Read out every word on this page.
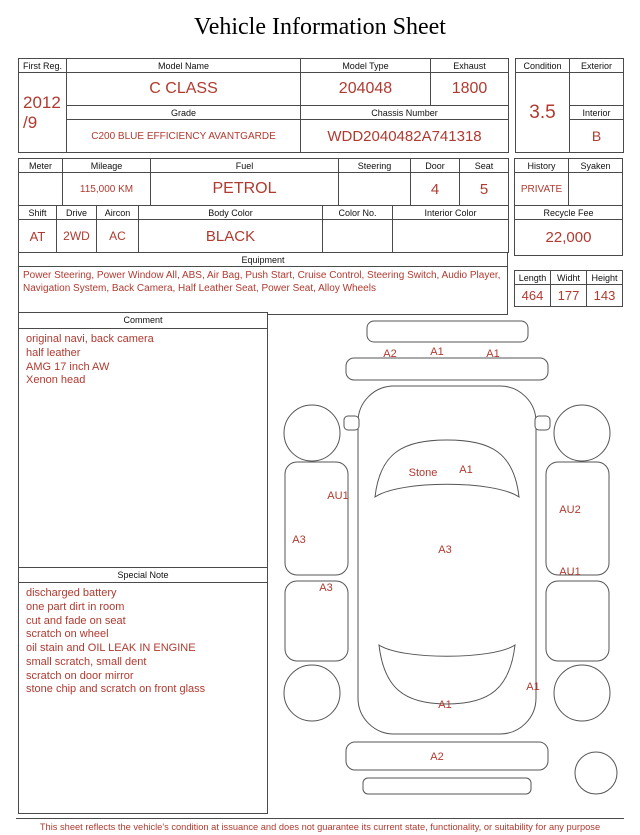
Vehicle Information Sheet
First Reg.	Model Name	Model Type	Exhaust

2012
/9	C CLASS	204048	1800
	Grade	Chassis Number	
	C200 BLUE EFFICIENCY AVANTGARDE	WDD2040482A741318	
Condition	Exterior
3.5	
	Interior
	B
Meter	Mileage	Fuel	Steering	Door	Seat
	115,000 KM	PETROL		4	5
Shift	Drive	Aircon	Body Color	Color No.	Interior Color
AT	2WD	AC	BLACK		
Equipment
Power Steering, Power Window All, ABS, Air Bag, Push Start, Cruise Control, Steering Switch, Audio Player, Navigation System, Back Camera, Half Leather Seat, Power Seat, Alloy Wheels
History	Syaken
PRIVATE	
Recycle Fee	
22,000	
Length	Widht	Height
464	177	143
Comment
original navi, back camera
half leather
AMG 17 inch AW
Xenon head
Special Note
discharged battery
one part dirt in room
cut and fade on seat
scratch on wheel
oil stain and OIL LEAK IN ENGINE
small scratch, small dent
scratch on door mirror
stone chip and scratch on front glass
A2	A1	A1
Stone A1
AU1
AU2
A3
A3
AU1
A3
A1
A1
A2
This sheet reflects the vehicle's condition at issuance and does not guarantee its current state, functionality, or suitability for any purpose
